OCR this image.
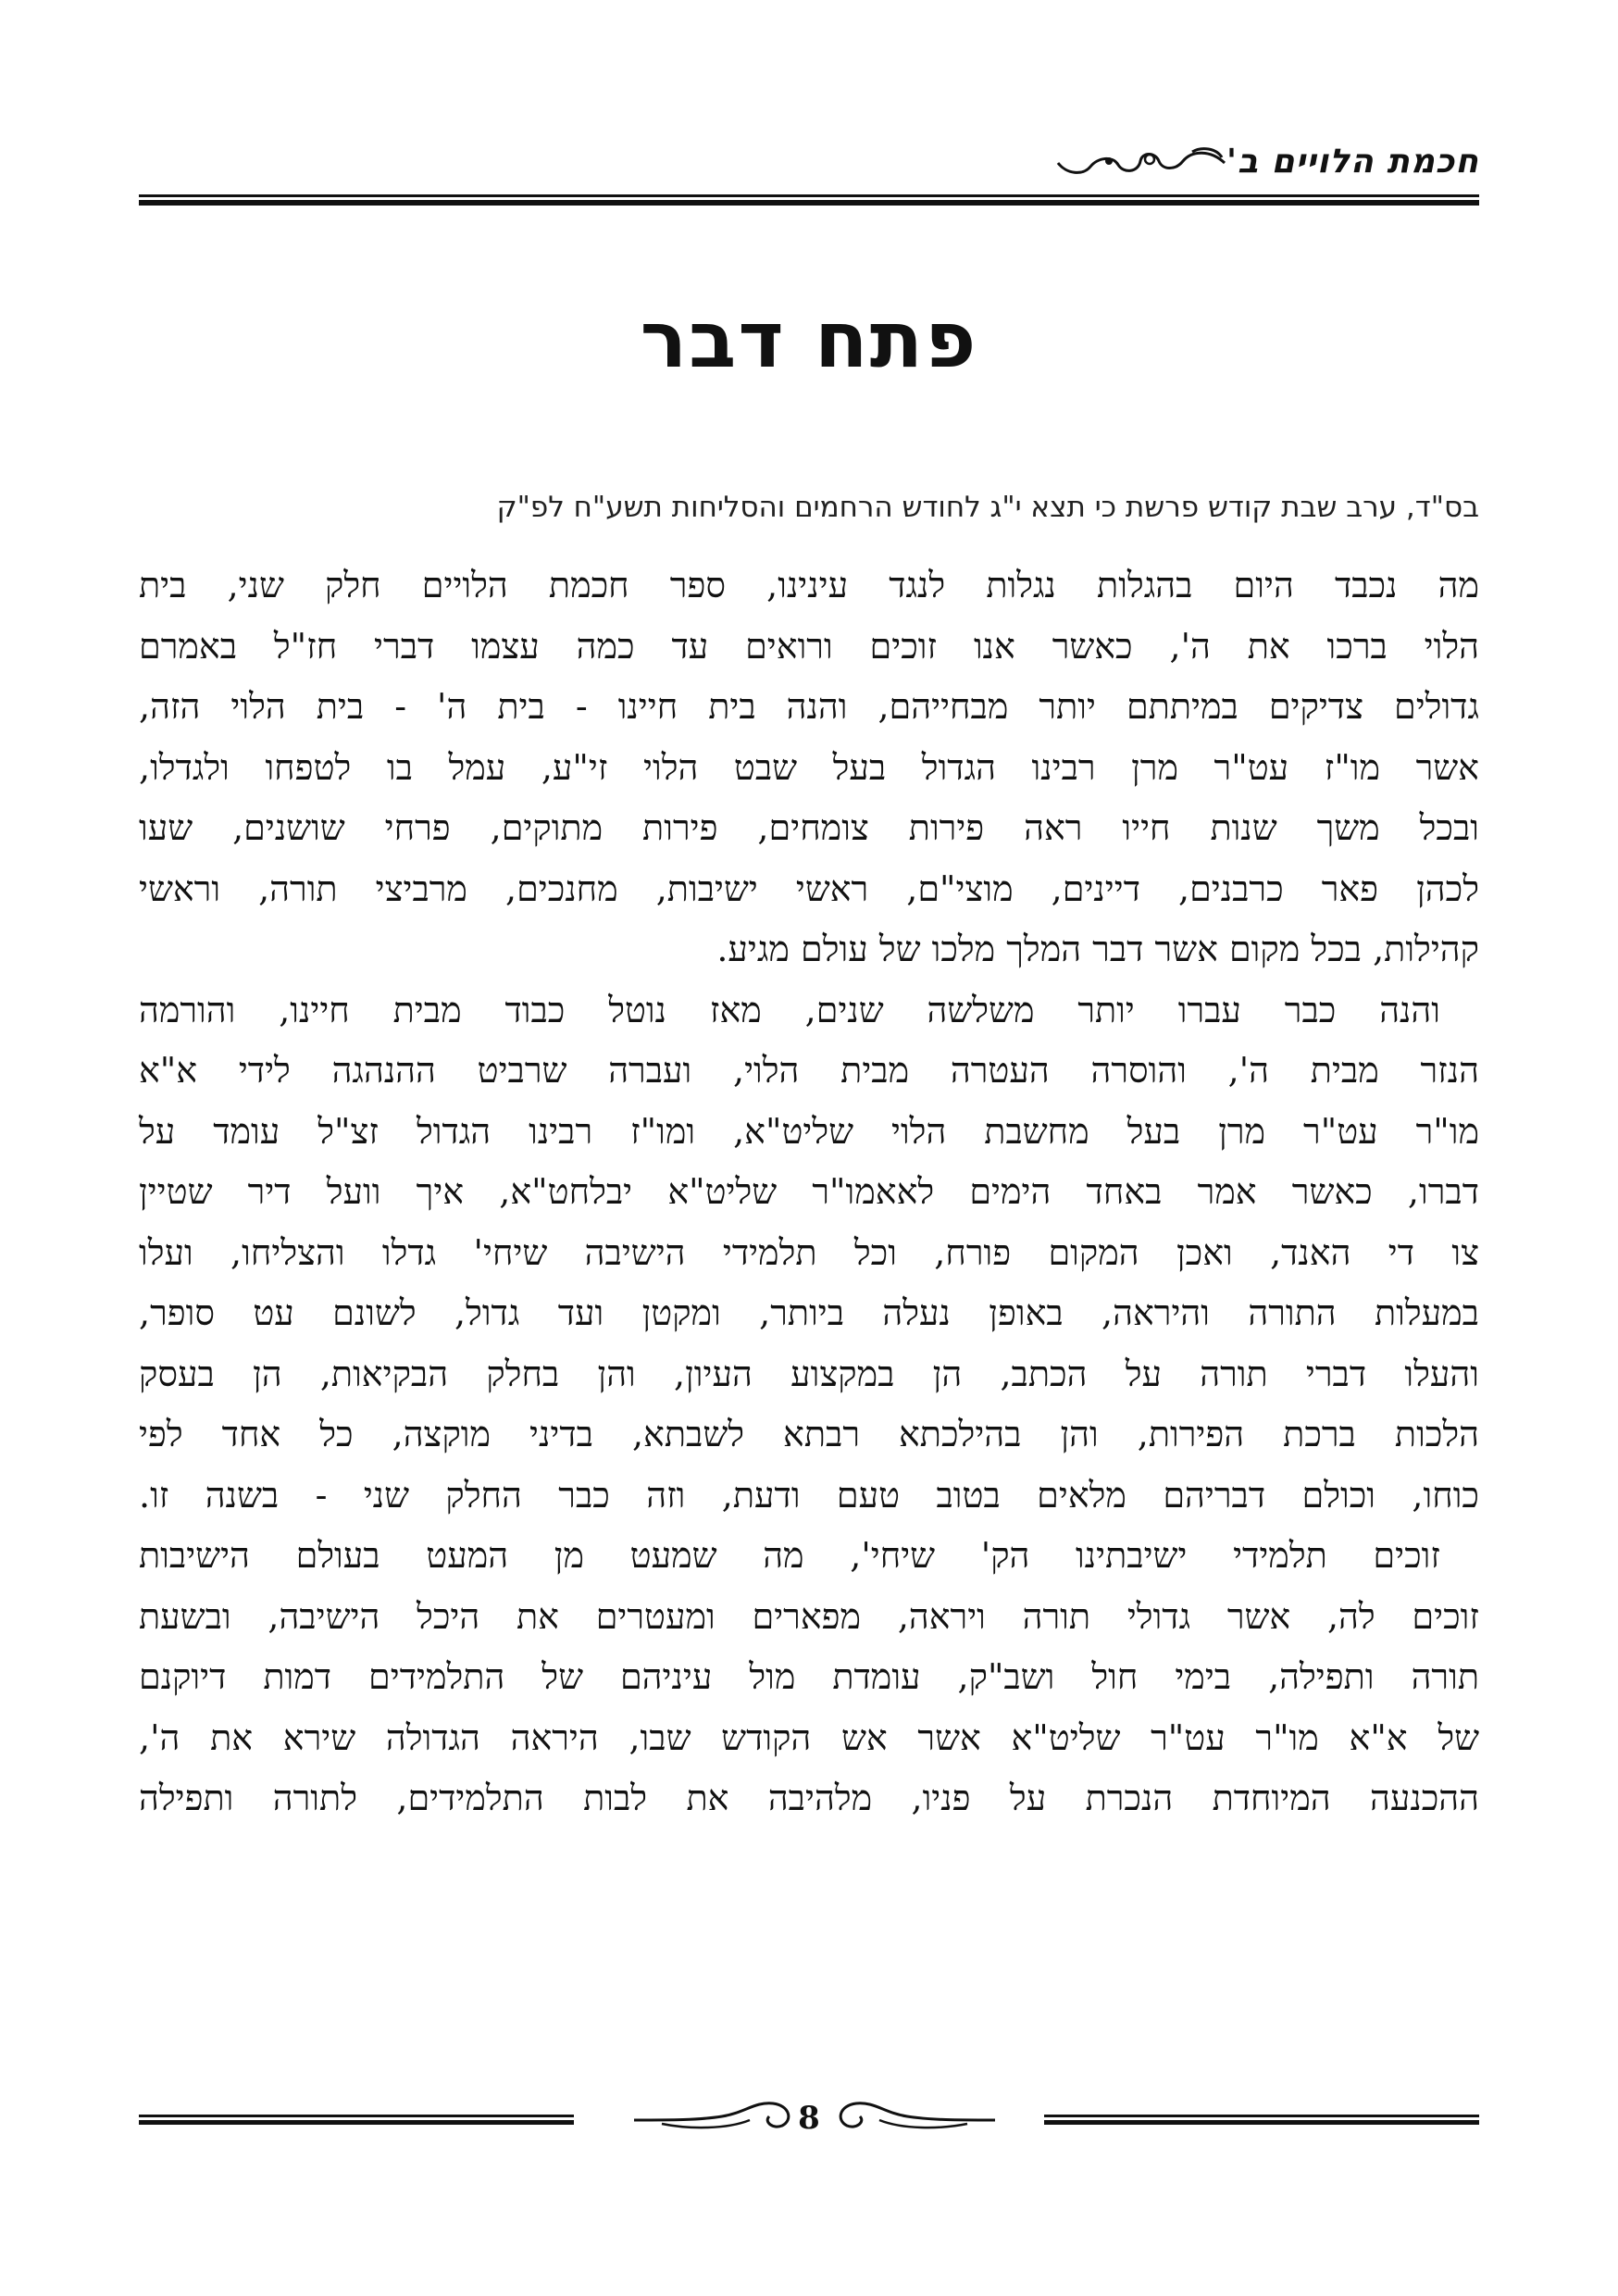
חכמת הלויים ב'
פתח דבר
בס"ד, ערב שבת קודש פרשת כי תצא י"ג לחודש הרחמים והסליחות תשע"ח לפ"ק
מה נכבד היום בהגלות נגלות לנגד עינינו, ספר חכמת הלויים חלק שני, בית
הלוי ברכו את ה', כאשר אנו זוכים ורואים עד כמה עצמו דברי חז"ל באמרם
גדולים צדיקים במיתתם יותר מבחייהם, והנה בית חיינו - בית ה' - בית הלוי הזה,
אשר מו"ז עט"ר מרן רבינו הגדול בעל שבט הלוי זי"ע, עמל בו לטפחו ולגדלו,
ובכל משך שנות חייו ראה פירות צומחים, פירות מתוקים, פרחי שושנים, שעו
לכהן פאר כרבנים, דיינים, מוצי"ם, ראשי ישיבות, מחנכים, מרביצי תורה, וראשי
קהילות, בכל מקום אשר דבר המלך מלכו של עולם מגיע.
והנה כבר עברו יותר משלשה שנים, מאז נוטל כבוד מבית חיינו, והורמה
הנזר מבית ה', והוסרה העטרה מבית הלוי, ועברה שרביט ההנהגה לידי א"א
מו"ר עט"ר מרן בעל מחשבת הלוי שליט"א, ומו"ז רבינו הגדול זצ"ל עומד על
דברו, כאשר אמר באחד הימים לאאמו"ר שליט"א יבלחט"א, איך וועל דיר שטיין
צו די האנד, ואכן המקום פורח, וכל תלמידי הישיבה שיחי' גדלו והצליחו, ועלו
במעלות התורה והיראה, באופן נעלה ביותר, ומקטן ועד גדול, לשונם עט סופר,
והעלו דברי תורה על הכתב, הן במקצוע העיון, והן בחלק הבקיאות, הן בעסק
הלכות ברכת הפירות, והן בהילכתא רבתא לשבתא, בדיני מוקצה, כל אחד לפי
כוחו, וכולם דבריהם מלאים בטוב טעם ודעת, וזה כבר החלק שני - בשנה זו.
זוכים תלמידי ישיבתינו הק' שיחי', מה שמעט מן המעט בעולם הישיבות
זוכים לה, אשר גדולי תורה ויראה, מפארים ומעטרים את היכל הישיבה, ובשעת
תורה ותפילה, בימי חול ושב"ק, עומדת מול עיניהם של התלמידים דמות דיוקנם
של א"א מו"ר עט"ר שליט"א אשר אש הקודש שבו, היראה הגדולה שירא את ה',
ההכנעה המיוחדת הנכרת על פניו, מלהיבה את לבות התלמידים, לתורה ותפילה
8
